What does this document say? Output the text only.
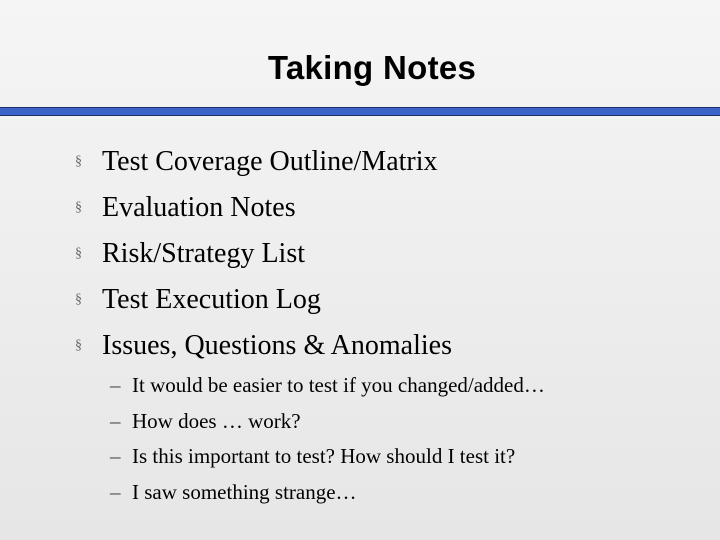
Taking Notes
§ Test Coverage Outline/Matrix
§ Evaluation Notes
§ Risk/Strategy List
§ Test Execution Log
§ Issues, Questions & Anomalies
– It would be easier to test if you changed/added…
– How does … work?
– Is this important to test? How should I test it?
– I saw something strange…
